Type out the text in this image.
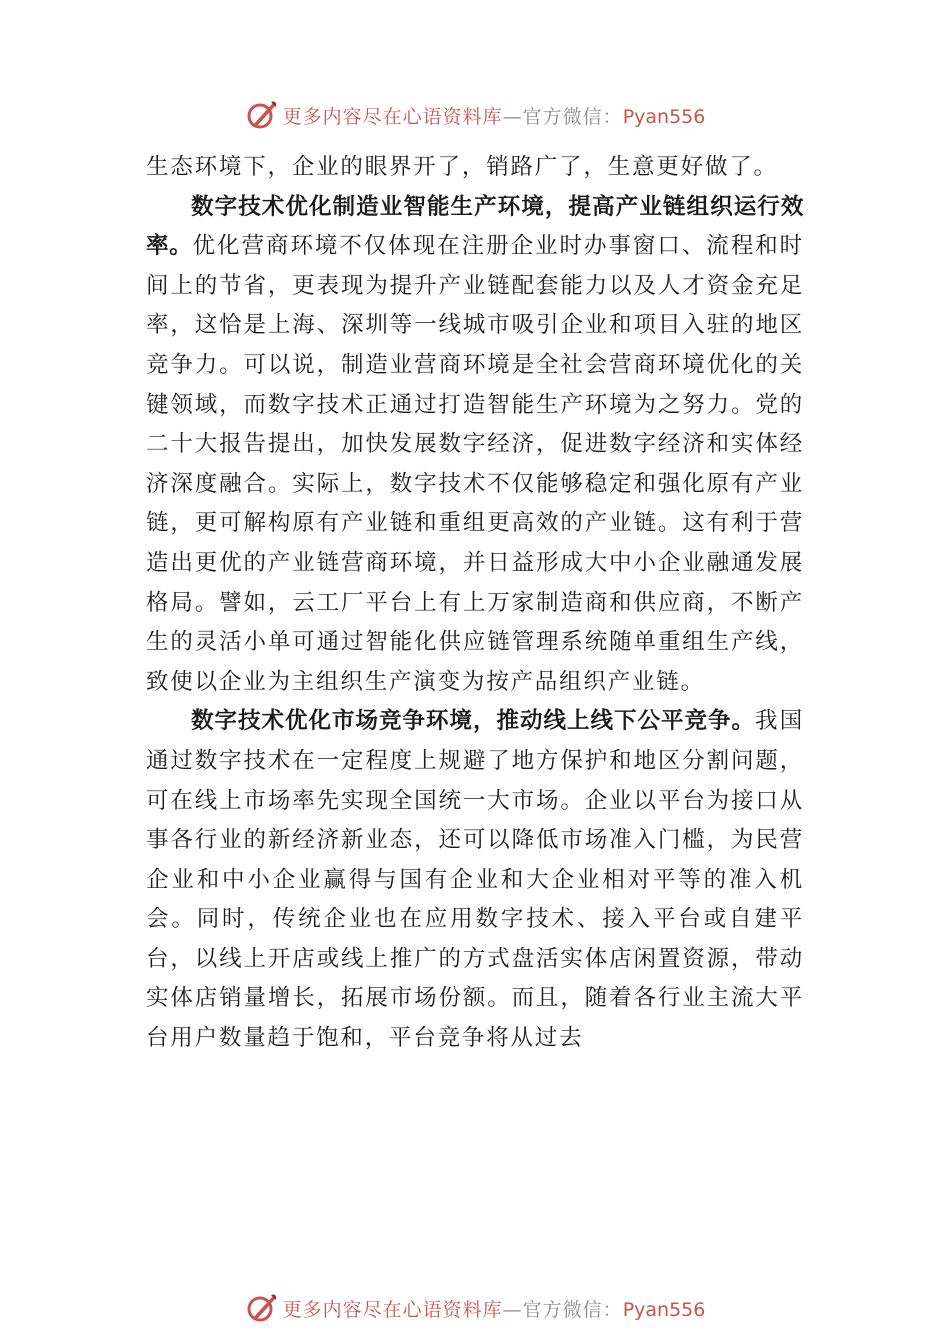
更多内容尽在心语资料库—官方微信：Pyan556

生态环境下，企业的眼界开了，销路广了，生意更好做了。

数字技术优化制造业智能生产环境，提高产业链组织运行效率。优化营商环境不仅体现在注册企业时办事窗口、流程和时间上的节省，更表现为提升产业链配套能力以及人才资金充足率，这恰是上海、深圳等一线城市吸引企业和项目入驻的地区竞争力。可以说，制造业营商环境是全社会营商环境优化的关键领域，而数字技术正通过打造智能生产环境为之努力。党的二十大报告提出，加快发展数字经济，促进数字经济和实体经济深度融合。实际上，数字技术不仅能够稳定和强化原有产业链，更可解构原有产业链和重组更高效的产业链。这有利于营造出更优的产业链营商环境，并日益形成大中小企业融通发展格局。譬如，云工厂平台上有上万家制造商和供应商，不断产生的灵活小单可通过智能化供应链管理系统随单重组生产线，致使以企业为主组织生产演变为按产品组织产业链。

数字技术优化市场竞争环境，推动线上线下公平竞争。我国通过数字技术在一定程度上规避了地方保护和地区分割问题，可在线上市场率先实现全国统一大市场。企业以平台为接口从事各行业的新经济新业态，还可以降低市场准入门槛，为民营企业和中小企业赢得与国有企业和大企业相对平等的准入机会。同时，传统企业也在应用数字技术、接入平台或自建平台，以线上开店或线上推广的方式盘活实体店闲置资源，带动实体店销量增长，拓展市场份额。而且，随着各行业主流大平台用户数量趋于饱和，平台竞争将从过去

更多内容尽在心语资料库—官方微信：Pyan556
